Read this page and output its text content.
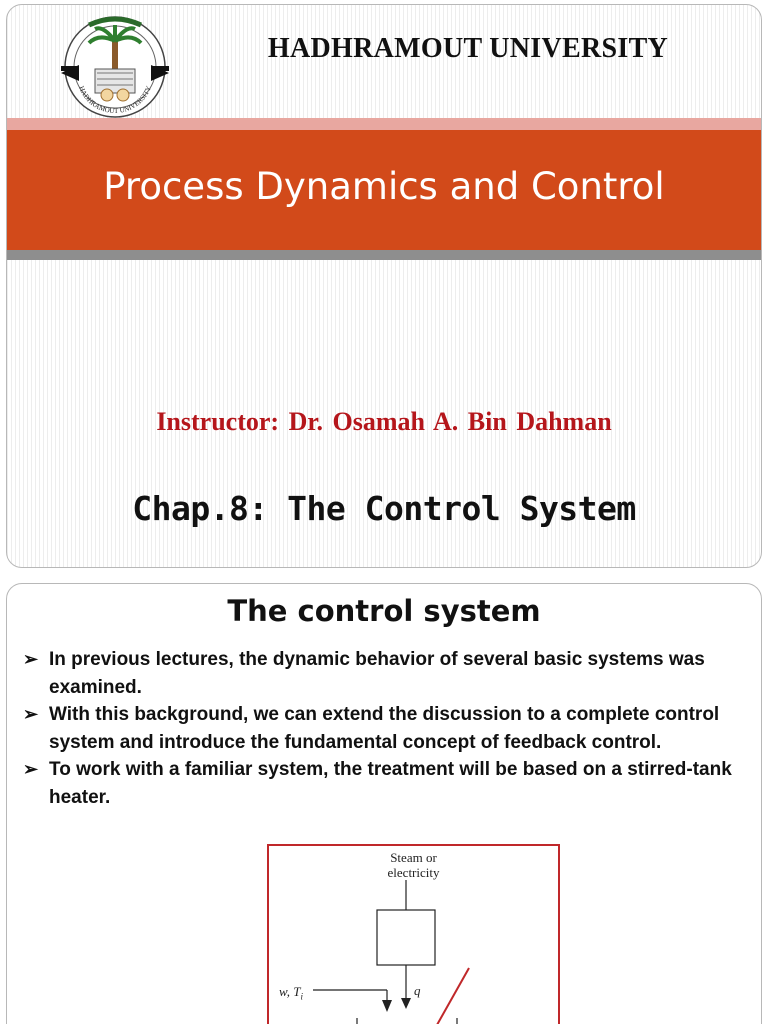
HADHRAMOUT UNIVERSITY
HADHRAMOUT UNIVERSITY
Process Dynamics and Control
Instructor: Dr. Osamah A. Bin Dahman
Chap.8: The Control System
The control system
➢ In previous lectures, the dynamic behavior of several basic systems was examined.
➢ With this background, we can extend the discussion to a complete control system and introduce the fundamental concept of feedback control.
➢ To work with a familiar system, the treatment will be based on a stirred-tank heater.
Steam or
electricity
w, $T_i$	q
